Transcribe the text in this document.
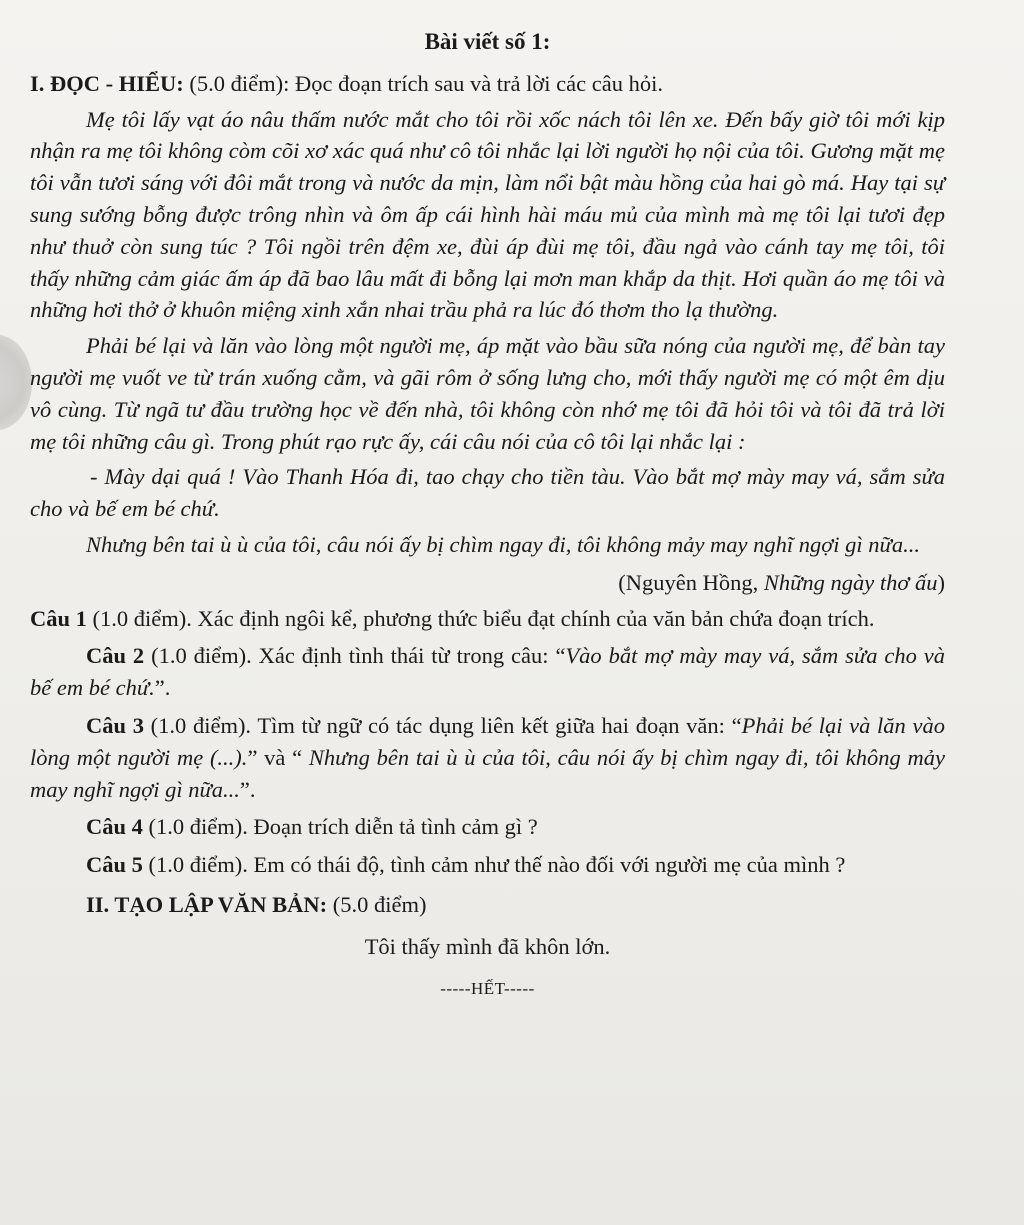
Bài viết số 1:
I. ĐỌC - HIỂU: (5.0 điểm): Đọc đoạn trích sau và trả lời các câu hỏi.
Mẹ tôi lấy vạt áo nâu thấm nước mắt cho tôi rồi xốc nách tôi lên xe. Đến bấy giờ tôi mới kịp nhận ra mẹ tôi không còm cõi xơ xác quá như cô tôi nhắc lại lời người họ nội của tôi. Gương mặt mẹ tôi vẫn tươi sáng với đôi mắt trong và nước da mịn, làm nổi bật màu hồng của hai gò má. Hay tại sự sung sướng bỗng được trông nhìn và ôm ấp cái hình hài máu mủ của mình mà mẹ tôi lại tươi đẹp như thuở còn sung túc ? Tôi ngồi trên đệm xe, đùi áp đùi mẹ tôi, đầu ngả vào cánh tay mẹ tôi, tôi thấy những cảm giác ấm áp đã bao lâu mất đi bỗng lại mơn man khắp da thịt. Hơi quần áo mẹ tôi và những hơi thở ở khuôn miệng xinh xắn nhai trầu phả ra lúc đó thơm tho lạ thường.
Phải bé lại và lăn vào lòng một người mẹ, áp mặt vào bầu sữa nóng của người mẹ, để bàn tay người mẹ vuốt ve từ trán xuống cằm, và gãi rôm ở sống lưng cho, mới thấy người mẹ có một êm dịu vô cùng. Từ ngã tư đầu trường học về đến nhà, tôi không còn nhớ mẹ tôi đã hỏi tôi và tôi đã trả lời mẹ tôi những câu gì. Trong phút rạo rực ấy, cái câu nói của cô tôi lại nhắc lại :
- Mày dại quá ! Vào Thanh Hóa đi, tao chạy cho tiền tàu. Vào bắt mợ mày may vá, sắm sửa cho và bế em bé chứ.
Nhưng bên tai ù ù của tôi, câu nói ấy bị chìm ngay đi, tôi không mảy may nghĩ ngợi gì nữa...
(Nguyên Hồng, Những ngày thơ ấu)
Câu 1 (1.0 điểm). Xác định ngôi kể, phương thức biểu đạt chính của văn bản chứa đoạn trích.
Câu 2 (1.0 điểm). Xác định tình thái từ trong câu: “Vào bắt mợ mày may vá, sắm sửa cho và bế em bé chứ.”.
Câu 3 (1.0 điểm). Tìm từ ngữ có tác dụng liên kết giữa hai đoạn văn: “Phải bé lại và lăn vào lòng một người mẹ (...).” và “ Nhưng bên tai ù ù của tôi, câu nói ấy bị chìm ngay đi, tôi không mảy may nghĩ ngợi gì nữa...”.
Câu 4 (1.0 điểm). Đoạn trích diễn tả tình cảm gì ?
Câu 5 (1.0 điểm). Em có thái độ, tình cảm như thế nào đối với người mẹ của mình ?
II. TẠO LẬP VĂN BẢN: (5.0 điểm)
Tôi thấy mình đã khôn lớn.
-----HẾT-----
